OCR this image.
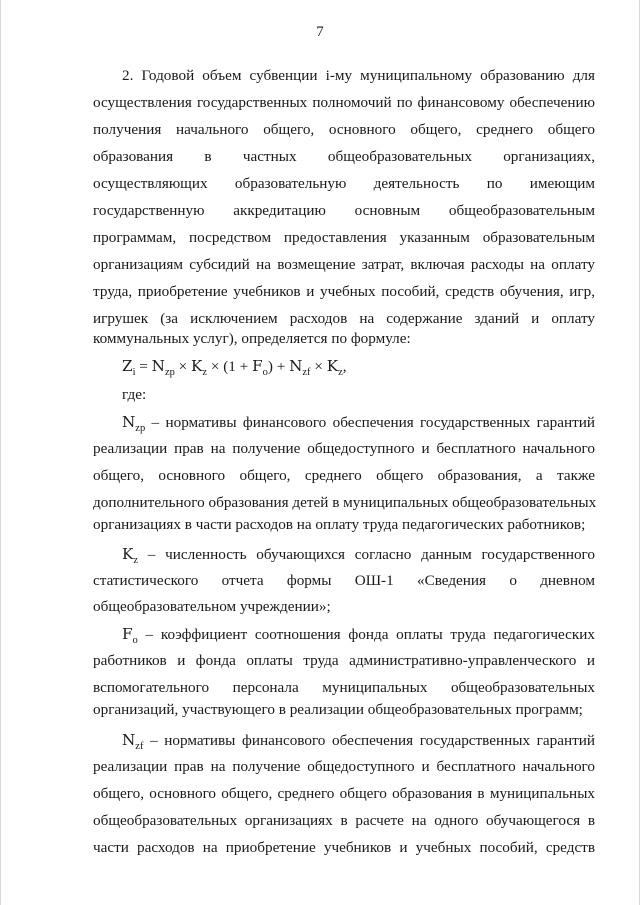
7
2. Годовой объем субвенции i-му муниципальному образованию для
осуществления государственных полномочий по финансовому обеспечению
получения начального общего, основного общего, среднего общего
образования в частных общеобразовательных организациях,
осуществляющих образовательную деятельность по имеющим
государственную аккредитацию основным общеобразовательным
программам, посредством предоставления указанным образовательным
организациям субсидий на возмещение затрат, включая расходы на оплату
труда, приобретение учебников и учебных пособий, средств обучения, игр,
игрушек (за исключением расходов на содержание зданий и оплату
коммунальных услуг), определяется по формуле:
$Z_i = N_{zp} \times K_z \times (1 + F_o) + N_{zf} \times K_z$,
где:
$N_{zp}$ – нормативы финансового обеспечения государственных гарантий
реализации прав на получение общедоступного и бесплатного начального
общего, основного общего, среднего общего образования, а также
дополнительного образования детей в муниципальных общеобразовательных
организациях в части расходов на оплату труда педагогических работников;
$K_z$ – численность обучающихся согласно данным государственного
статистического отчета формы ОШ-1 «Сведения о дневном
общеобразовательном учреждении»;
$F_o$ – коэффициент соотношения фонда оплаты труда педагогических
работников и фонда оплаты труда административно-управленческого и
вспомогательного персонала муниципальных общеобразовательных
организаций, участвующего в реализации общеобразовательных программ;
$N_{zf}$ – нормативы финансового обеспечения государственных гарантий
реализации прав на получение общедоступного и бесплатного начального
общего, основного общего, среднего общего образования в муниципальных
общеобразовательных организациях в расчете на одного обучающегося в
части расходов на приобретение учебников и учебных пособий, средств
